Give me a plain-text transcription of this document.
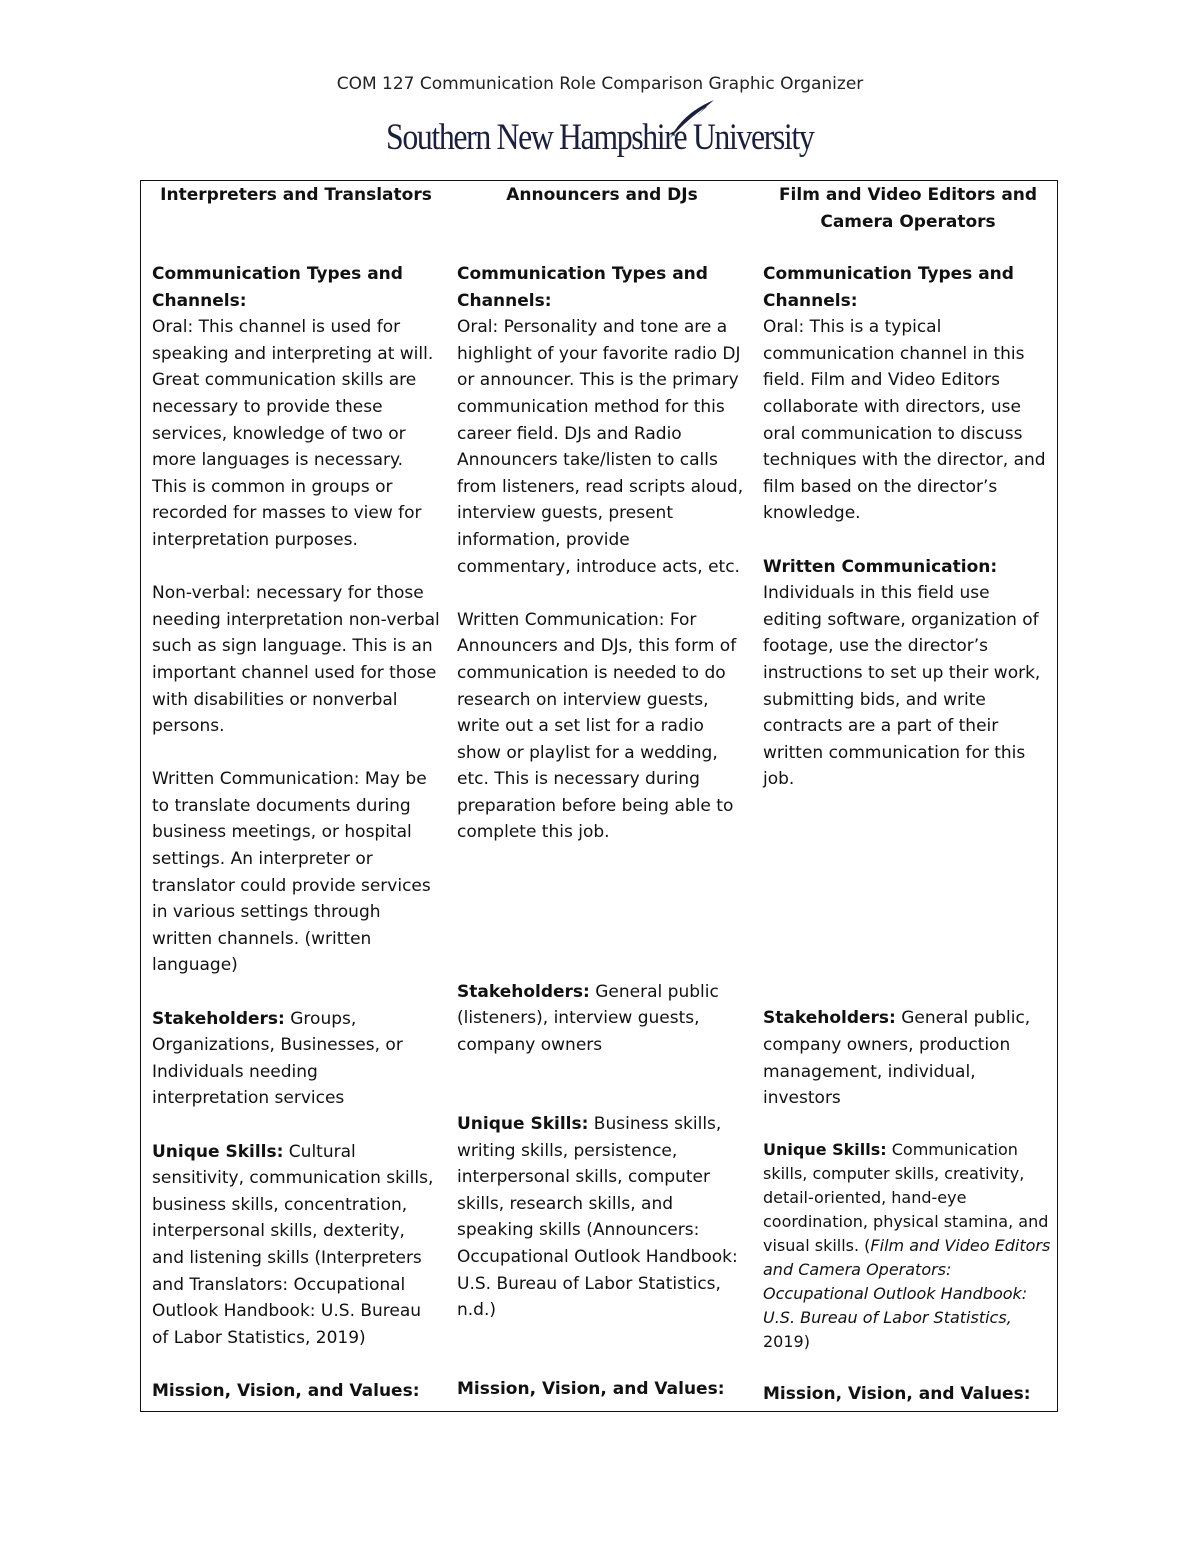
COM 127 Communication Role Comparison Graphic Organizer
Southern New Hampshire University
Interpreters and Translators
Communication Types and Channels:
Oral: This channel is used for speaking and interpreting at will. Great communication skills are necessary to provide these services, knowledge of two or more languages is necessary. This is common in groups or recorded for masses to view for interpretation purposes.
Non-verbal: necessary for those needing interpretation non-verbal such as sign language. This is an important channel used for those with disabilities or nonverbal persons.
Written Communication: May be to translate documents during business meetings, or hospital settings. An interpreter or translator could provide services in various settings through written channels. (written language)
Stakeholders: Groups, Organizations, Businesses, or Individuals needing interpretation services
Unique Skills: Cultural sensitivity, communication skills, business skills, concentration, interpersonal skills, dexterity, and listening skills (Interpreters and Translators: Occupational Outlook Handbook: U.S. Bureau of Labor Statistics, 2019)
Mission, Vision, and Values:
Announcers and DJs
Communication Types and Channels:
Oral: Personality and tone are a highlight of your favorite radio DJ or announcer. This is the primary communication method for this career field. DJs and Radio Announcers take/listen to calls from listeners, read scripts aloud, interview guests, present information, provide commentary, introduce acts, etc.
Written Communication: For Announcers and DJs, this form of communication is needed to do research on interview guests, write out a set list for a radio show or playlist for a wedding, etc. This is necessary during preparation before being able to complete this job.
Stakeholders: General public (listeners), interview guests, company owners
Unique Skills: Business skills, writing skills, persistence, interpersonal skills, computer skills, research skills, and speaking skills (Announcers: Occupational Outlook Handbook: U.S. Bureau of Labor Statistics, n.d.)
Mission, Vision, and Values:
Film and Video Editors and Camera Operators
Communication Types and Channels:
Oral: This is a typical communication channel in this field. Film and Video Editors collaborate with directors, use oral communication to discuss techniques with the director, and film based on the director’s knowledge.
Written Communication:
Individuals in this field use editing software, organization of footage, use the director’s instructions to set up their work, submitting bids, and write contracts are a part of their written communication for this job.
Stakeholders: General public, company owners, production management, individual, investors
Unique Skills: Communication skills, computer skills, creativity, detail-oriented, hand-eye coordination, physical stamina, and visual skills. (Film and Video Editors and Camera Operators: Occupational Outlook Handbook: U.S. Bureau of Labor Statistics, 2019)
Mission, Vision, and Values:
